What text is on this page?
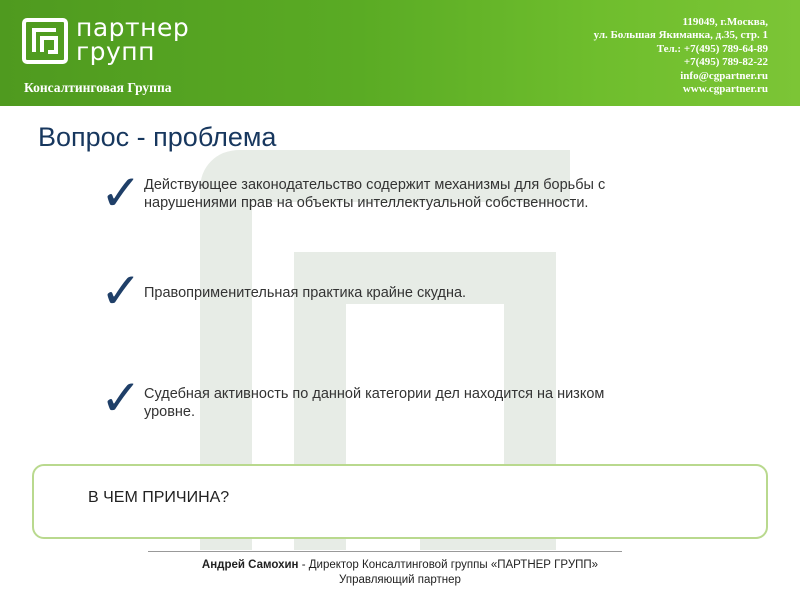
партнер
групп
Консалтинговая Группа
119049, г.Москва,
ул. Большая Якиманка, д.35, стр. 1
Тел.: +7(495) 789-64-89
+7(495) 789-82-22
info@cgpartner.ru
www.cgpartner.ru
Вопрос - проблема
✓ Действующее законодательство содержит механизмы для борьбы с нарушениями прав на объекты интеллектуальной собственности.
✓ Правоприменительная практика крайне скудна.
✓ Судебная активность по данной категории дел находится на низком уровне.
В ЧЕМ ПРИЧИНА?
Андрей Самохин - Директор Консалтинговой группы «ПАРТНЕР ГРУПП»
Управляющий партнер
